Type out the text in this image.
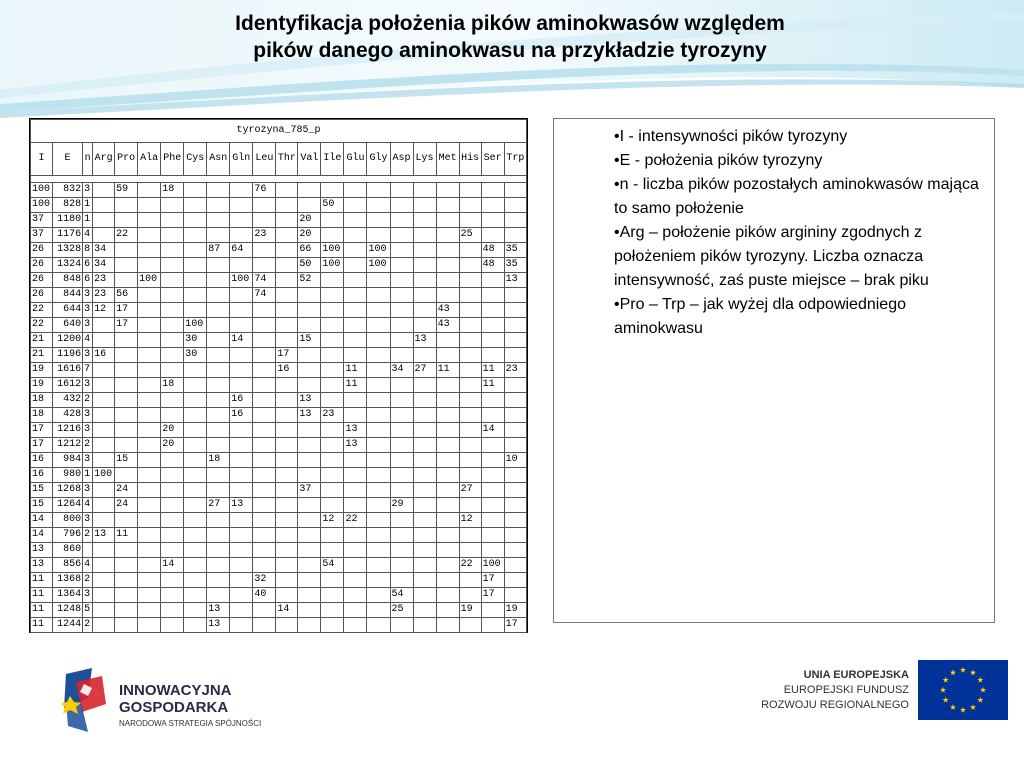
Identyfikacja położenia pików aminokwasów względem
pików danego aminokwasu na przykładzie tyrozyny
tyrozyna_785_p																					
I	E	n	Arg	Pro	Ala	Phe	Cys	Asn	Gln	Leu	Thr	Val	Ile	Glu	Gly	Asp	Lys	Met	His	Ser	Trp

100	832	3		59		18				76											
100	828	1											50								
37	1180	1										20									
37	1176	4		22						23		20							25		
26	1328	8	34					87	64			66	100		100					48	35
26	1324	6	34									50	100		100					48	35
26	848	6	23		100				100	74		52									13
26	844	3	23	56						74											
22	644	3	12	17														43			
22	640	3		17			100											43			
21	1200	4					30		14			15					13				
21	1196	3	16				30				17										
19	1616	7									16			11		34	27	11		11	23
19	1612	3				18								11						11	
18	432	2							16			13									
18	428	3							16			13	23								
17	1216	3				20								13						14	
17	1212	2				20								13							
16	984	3		15				18													10
16	980	1	100																		
15	1268	3		24								37							27		
15	1264	4		24				27	13							29					
14	800	3											12	22					12		
14	796	2	13	11																	
13	860																				
13	856	4				14							54						22	100	
11	1368	2								32										17	
11	1364	3								40						54				17	
11	1248	5						13			14					25			19		19
11	1244	2						13													17

•I - intensywności pików tyrozyny

•E - położenia pików tyrozyny

•n - liczba pików pozostałych aminokwasów mająca to samo położenie

•Arg – położenie pików argininy zgodnych z położeniem pików tyrozyny. Liczba oznacza intensywność, zaś puste miejsce – brak piku

•Pro – Trp – jak wyżej dla odpowiedniego aminokwasu

INNOWACYJNA
GOSPODARKA
NARODOWA STRATEGIA SPÓJNOŚCI
UNIA EUROPEJSKA
EUROPEJSKI FUNDUSZ
ROZWOJU REGIONALNEGO
